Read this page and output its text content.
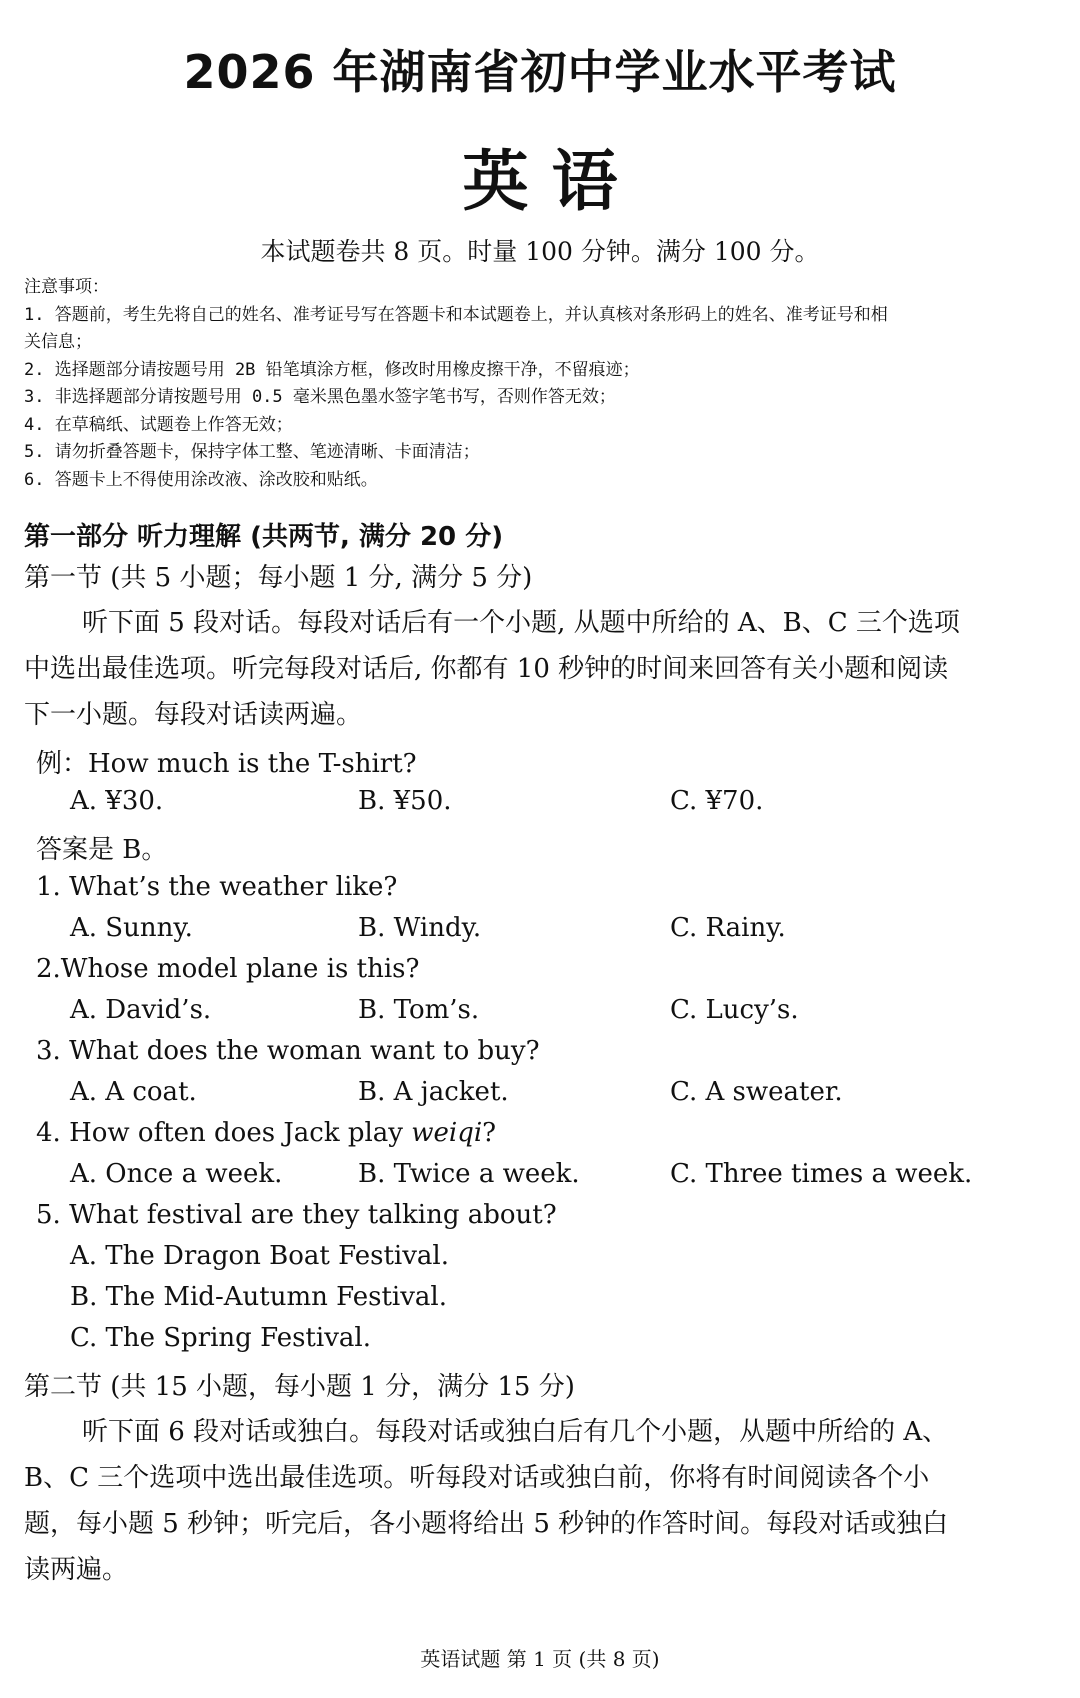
2026 年湖南省初中学业水平考试
英 语
本试题卷共 8 页。时量 100 分钟。满分 100 分。
注意事项：
1. 答题前，考生先将自己的姓名、准考证号写在答题卡和本试题卷上，并认真核对条形码上的姓名、准考证号和相
关信息；
2. 选择题部分请按题号用 2B 铅笔填涂方框，修改时用橡皮擦干净，不留痕迹；
3. 非选择题部分请按题号用 0.5 毫米黑色墨水签字笔书写，否则作答无效；
4. 在草稿纸、试题卷上作答无效；
5. 请勿折叠答题卡，保持字体工整、笔迹清晰、卡面清洁；
6. 答题卡上不得使用涂改液、涂改胶和贴纸。
第一部分 听力理解 (共两节, 满分 20 分)
第一节 (共 5 小题；每小题 1 分, 满分 5 分)
听下面 5 段对话。每段对话后有一个小题, 从题中所给的 A、B、C 三个选项
中选出最佳选项。听完每段对话后, 你都有 10 秒钟的时间来回答有关小题和阅读
下一小题。每段对话读两遍。
例：How much is the T-shirt?
A. ¥30.	B. ¥50.	C. ¥70.
答案是 B。
1. What’s the weather like?
A. Sunny.	B. Windy.	C. Rainy.
2.Whose model plane is this?
A. David’s.	B. Tom’s.	C. Lucy’s.
3. What does the woman want to buy?
A. A coat.	B. A jacket.	C. A sweater.
4. How often does Jack play weiqi?
A. Once a week.	B. Twice a week.	C. Three times a week.
5. What festival are they talking about?
A. The Dragon Boat Festival.
B. The Mid-Autumn Festival.
C. The Spring Festival.
第二节 (共 15 小题，每小题 1 分，满分 15 分)
听下面 6 段对话或独白。每段对话或独白后有几个小题，从题中所给的 A、
B、C 三个选项中选出最佳选项。听每段对话或独白前，你将有时间阅读各个小
题，每小题 5 秒钟；听完后，各小题将给出 5 秒钟的作答时间。每段对话或独白
读两遍。
英语试题 第 1 页 (共 8 页)
